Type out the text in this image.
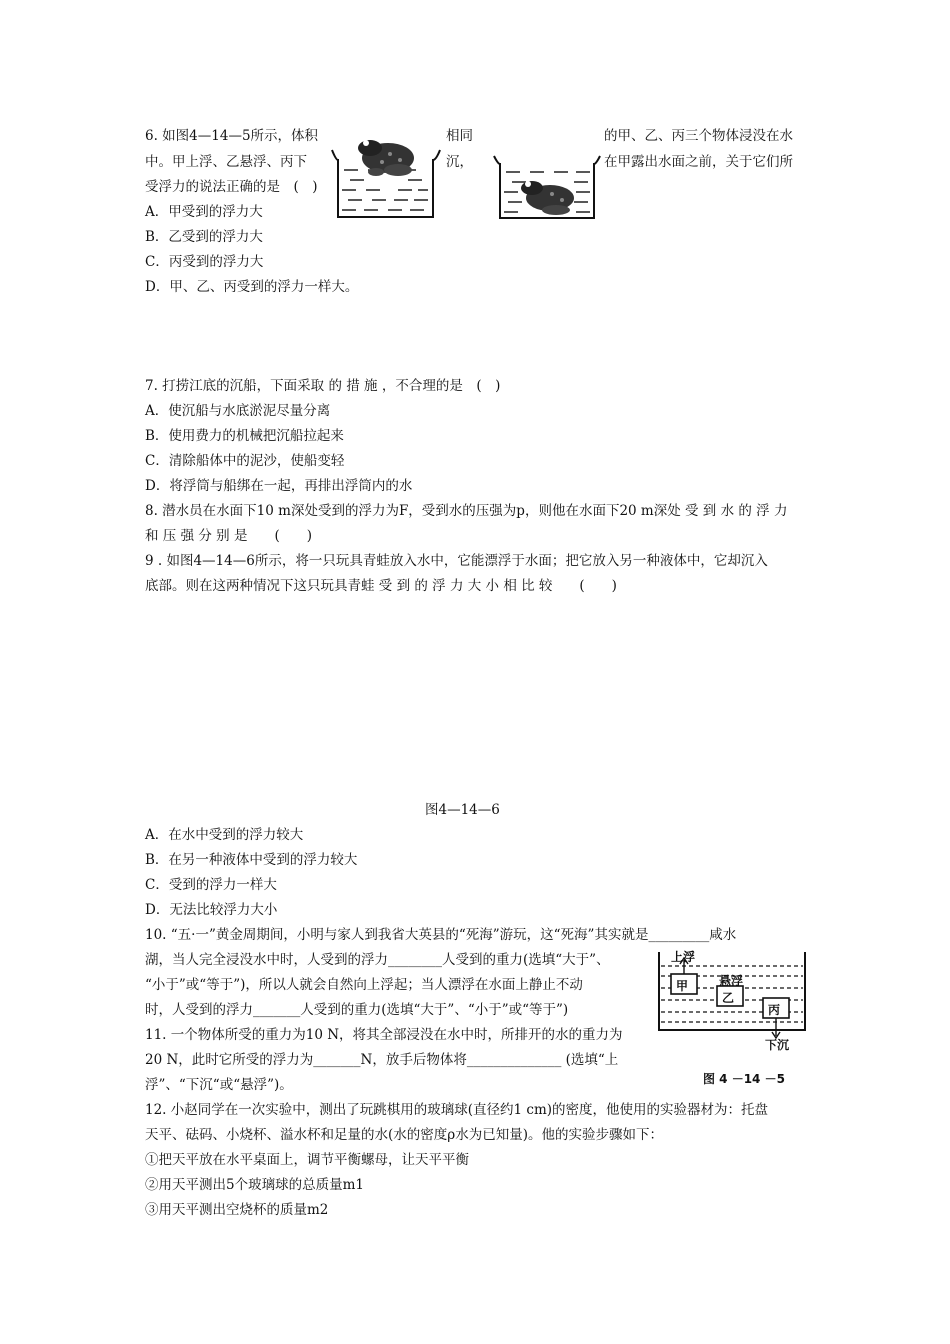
6. 如图4—14—5所示，体积	相同	的甲、乙、丙三个物体浸没在水
中。甲上浮、乙悬浮、丙下	沉，	在甲露出水面之前，关于它们所
受浮力的说法正确的是　(　)
A．甲受到的浮力大
B．乙受到的浮力大
C．丙受到的浮力大
D．甲、乙、丙受到的浮力一样大。
7. 打捞江底的沉船，下面采取 的 措 施 ，不合理的是　(　)
A．使沉船与水底淤泥尽量分离
B．使用费力的机械把沉船拉起来
C．清除船体中的泥沙，使船变轻
D．将浮筒与船绑在一起，再排出浮筒内的水
8. 潜水员在水面下10 m深处受到的浮力为F，受到水的压强为p，则他在水面下20 m深处 受 到 水 的 浮 力
和 压 强 分 别 是　　(　　)
9 . 如图4—14—6所示，将一只玩具青蛙放入水中，它能漂浮于水面；把它放入另一种液体中，它却沉入
底部。则在这两种情况下这只玩具青蛙 受 到 的 浮 力 大 小 相 比 较　　(　　)
图4—14—6
A．在水中受到的浮力较大
B．在另一种液体中受到的浮力较大
C．受到的浮力一样大
D．无法比较浮力大小
10. “五·一”黄金周期间，小明与家人到我省大英县的“死海”游玩，这“死海”其实就是_________咸水
湖，当人完全浸没水中时，人受到的浮力________人受到的重力(选填“大于”、
“小于”或“等于”)，所以人就会自然向上浮起；当人漂浮在水面上静止不动
时，人受到的浮力_______人受到的重力(选填“大于”、“小于”或“等于”)
11. 一个物体所受的重力为10 N，将其全部浸没在水中时，所排开的水的重力为
20 N，此时它所受的浮力为_______N，放手后物体将______________ (选填“上
浮”、“下沉“或“悬浮”)。
上浮
悬浮
下沉
甲
乙
丙
图 4 －14 －5
12. 小赵同学在一次实验中，测出了玩跳棋用的玻璃球(直径约1 cm)的密度，他使用的实验器材为：托盘
天平、砝码、小烧杯、溢水杯和足量的水(水的密度ρ水为已知量)。他的实验步骤如下：
①把天平放在水平桌面上，调节平衡螺母，让天平平衡
②用天平测出5个玻璃球的总质量m1
③用天平测出空烧杯的质量m2
